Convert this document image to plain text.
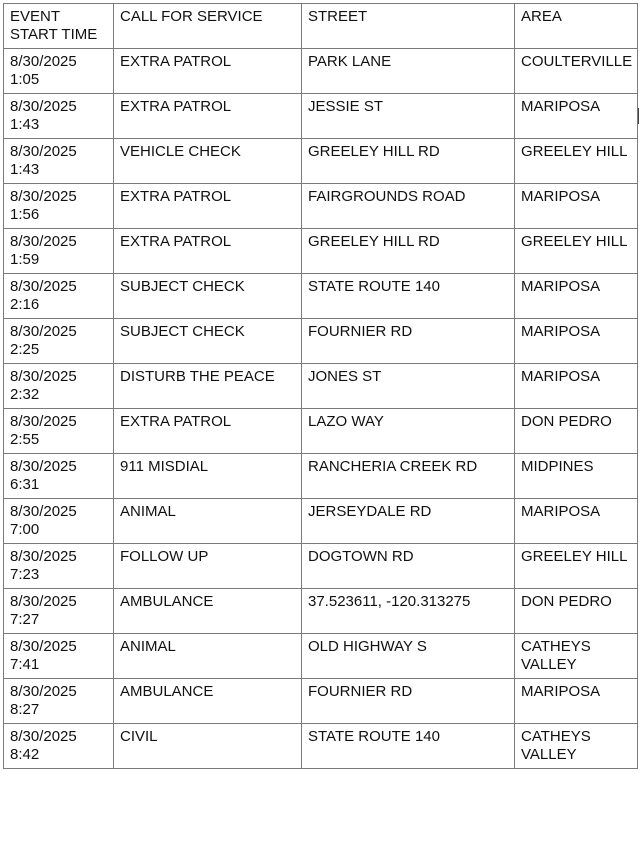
EVENT
START TIME	CALL FOR SERVICE	STREET	AREA

8/30/2025
1:05	EXTRA PATROL	PARK LANE	COULTERVILLE

8/30/2025
1:43	EXTRA PATROL	JESSIE ST	MARIPOSA

8/30/2025
1:43	VEHICLE CHECK	GREELEY HILL RD	GREELEY HILL

8/30/2025
1:56	EXTRA PATROL	FAIRGROUNDS ROAD	MARIPOSA

8/30/2025
1:59	EXTRA PATROL	GREELEY HILL RD	GREELEY HILL

8/30/2025
2:16	SUBJECT CHECK	STATE ROUTE 140	MARIPOSA

8/30/2025
2:25	SUBJECT CHECK	FOURNIER RD	MARIPOSA

8/30/2025
2:32	DISTURB THE PEACE	JONES ST	MARIPOSA

8/30/2025
2:55	EXTRA PATROL	LAZO WAY	DON PEDRO

8/30/2025
6:31	911 MISDIAL	RANCHERIA CREEK RD	MIDPINES

8/30/2025
7:00	ANIMAL	JERSEYDALE RD	MARIPOSA

8/30/2025
7:23	FOLLOW UP	DOGTOWN RD	GREELEY HILL

8/30/2025
7:27	AMBULANCE	37.523611, -120.313275	DON PEDRO

8/30/2025
7:41	ANIMAL	OLD HIGHWAY S	CATHEYS
VALLEY

8/30/2025
8:27	AMBULANCE	FOURNIER RD	MARIPOSA

8/30/2025
8:42	CIVIL	STATE ROUTE 140	CATHEYS
VALLEY
